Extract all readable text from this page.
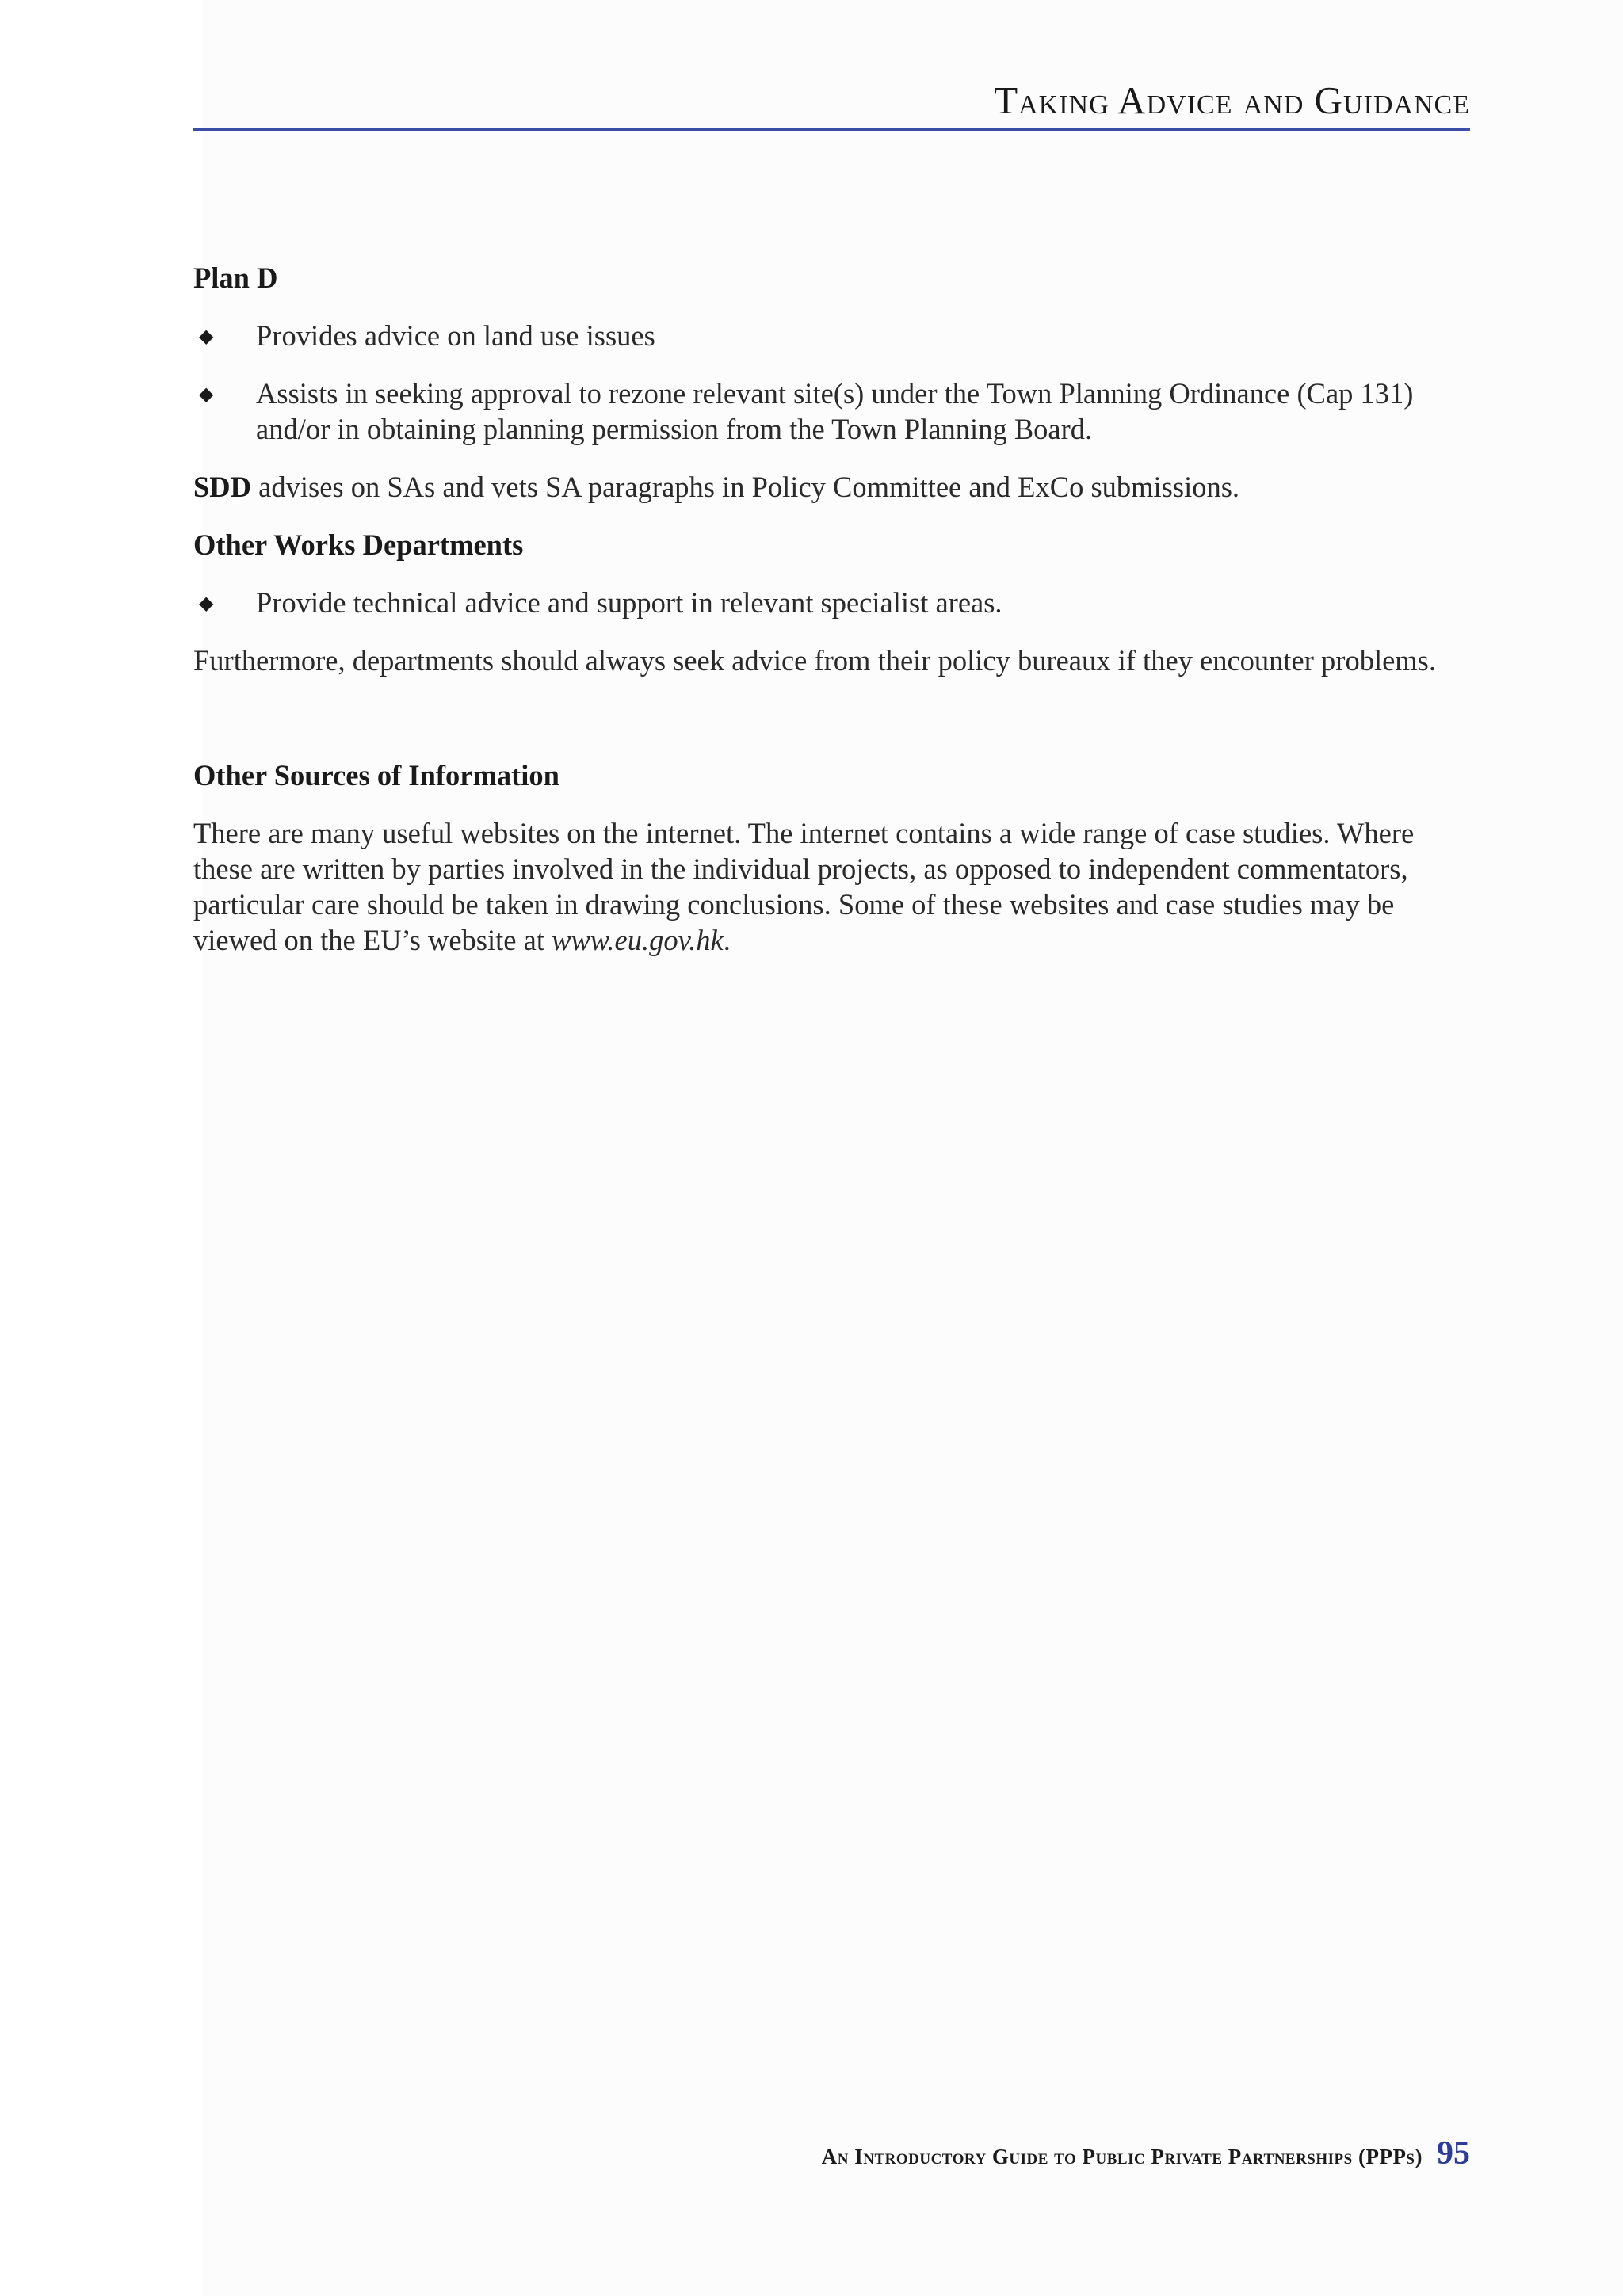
Taking Advice and Guidance
Plan D
◆ Provides advice on land use issues
◆ Assists in seeking approval to rezone relevant site(s) under the Town Planning Ordinance (Cap 131) and/or in obtaining planning permission from the Town Planning Board.
SDD advises on SAs and vets SA paragraphs in Policy Committee and ExCo submissions.
Other Works Departments
◆ Provide technical advice and support in relevant specialist areas.
Furthermore, departments should always seek advice from their policy bureaux if they encounter problems.
Other Sources of Information
There are many useful websites on the internet. The internet contains a wide range of case studies. Where these are written by parties involved in the individual projects, as opposed to independent commentators, particular care should be taken in drawing conclusions. Some of these websites and case studies may be viewed on the EU’s website at www.eu.gov.hk.
An Introductory Guide to Public Private Partnerships (PPPs) 95
